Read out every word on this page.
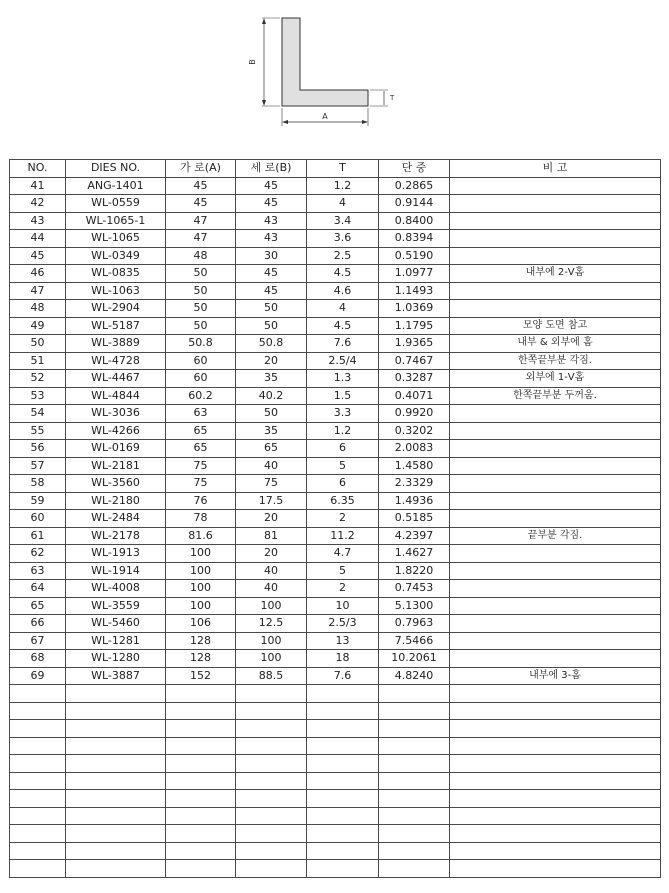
B
A
T
NO.	DIES NO.	가 로(A)	세 로(B)	T	단 중	비 고
41	ANG-1401	45	45	1.2	0.2865	
42	WL-0559	45	45	4	0.9144	
43	WL-1065-1	47	43	3.4	0.8400	
44	WL-1065	47	43	3.6	0.8394	
45	WL-0349	48	30	2.5	0.5190	
46	WL-0835	50	45	4.5	1.0977	내부에 2-V홈
47	WL-1063	50	45	4.6	1.1493	
48	WL-2904	50	50	4	1.0369	
49	WL-5187	50	50	4.5	1.1795	모양 도면 참고
50	WL-3889	50.8	50.8	7.6	1.9365	내부 & 외부에 홈
51	WL-4728	60	20	2.5/4	0.7467	한쪽끝부분 각짐.
52	WL-4467	60	35	1.3	0.3287	외부에 1-V홈
53	WL-4844	60.2	40.2	1.5	0.4071	한쪽끝부분 두꺼움.
54	WL-3036	63	50	3.3	0.9920	
55	WL-4266	65	35	1.2	0.3202	
56	WL-0169	65	65	6	2.0083	
57	WL-2181	75	40	5	1.4580	
58	WL-3560	75	75	6	2.3329	
59	WL-2180	76	17.5	6.35	1.4936	
60	WL-2484	78	20	2	0.5185	
61	WL-2178	81.6	81	11.2	4.2397	끝부분 각짐.
62	WL-1913	100	20	4.7	1.4627	
63	WL-1914	100	40	5	1.8220	
64	WL-4008	100	40	2	0.7453	
65	WL-3559	100	100	10	5.1300	
66	WL-5460	106	12.5	2.5/3	0.7963	
67	WL-1281	128	100	13	7.5466	
68	WL-1280	128	100	18	10.2061	
69	WL-3887	152	88.5	7.6	4.8240	내부에 3-홈
